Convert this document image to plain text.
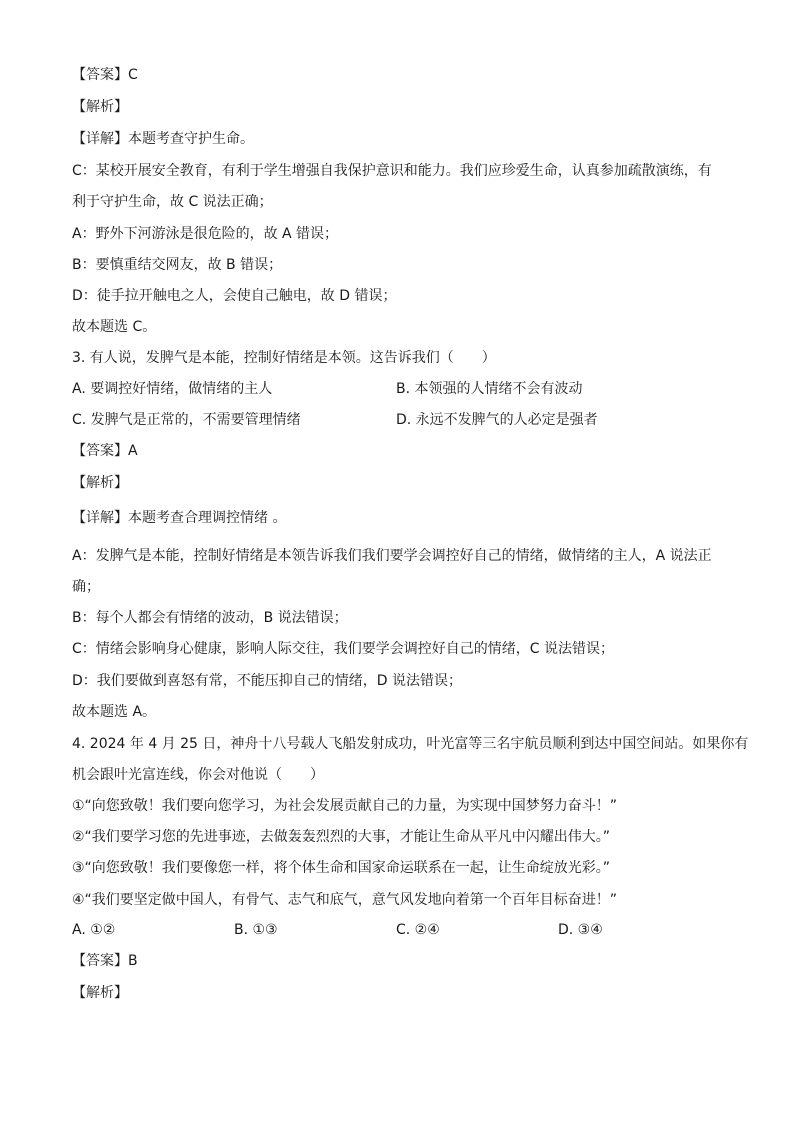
【答案】C
【解析】
【详解】本题考查守护生命。
C：某校开展安全教育，有利于学生增强自我保护意识和能力。我们应珍爱生命，认真参加疏散演练，有
利于守护生命，故 C 说法正确；
A：野外下河游泳是很危险的，故 A 错误；
B：要慎重结交网友，故 B 错误；
D：徒手拉开触电之人，会使自己触电，故 D 错误；
故本题选 C。
3. 有人说，发脾气是本能，控制好情绪是本领。这告诉我们（　　）
A. 要调控好情绪，做情绪的主人	B. 本领强的人情绪不会有波动
C. 发脾气是正常的，不需要管理情绪	D. 永远不发脾气的人必定是强者
【答案】A
【解析】
【详解】本题考查合理调控情绪 。
A：发脾气是本能，控制好情绪是本领告诉我们我们要学会调控好自己的情绪，做情绪的主人，A 说法正
确；
B：每个人都会有情绪的波动，B 说法错误；
C：情绪会影响身心健康，影响人际交往，我们要学会调控好自己的情绪，C 说法错误；
D：我们要做到喜怒有常，不能压抑自己的情绪，D 说法错误；
故本题选 A。
4. 2024 年 4 月 25 日，神舟十八号载人飞船发射成功，叶光富等三名宇航员顺利到达中国空间站。如果你有
机会跟叶光富连线，你会对他说（　　）
①“向您致敬！我们要向您学习，为社会发展贡献自己的力量，为实现中国梦努力奋斗！”
②“我们要学习您的先进事迹，去做轰轰烈烈的大事，才能让生命从平凡中闪耀出伟大。”
③“向您致敬！我们要像您一样，将个体生命和国家命运联系在一起，让生命绽放光彩。”
④“我们要坚定做中国人，有骨气、志气和底气，意气风发地向着第一个百年目标奋进！”
A. ①②	B. ①③	C. ②④	D. ③④
【答案】B
【解析】
